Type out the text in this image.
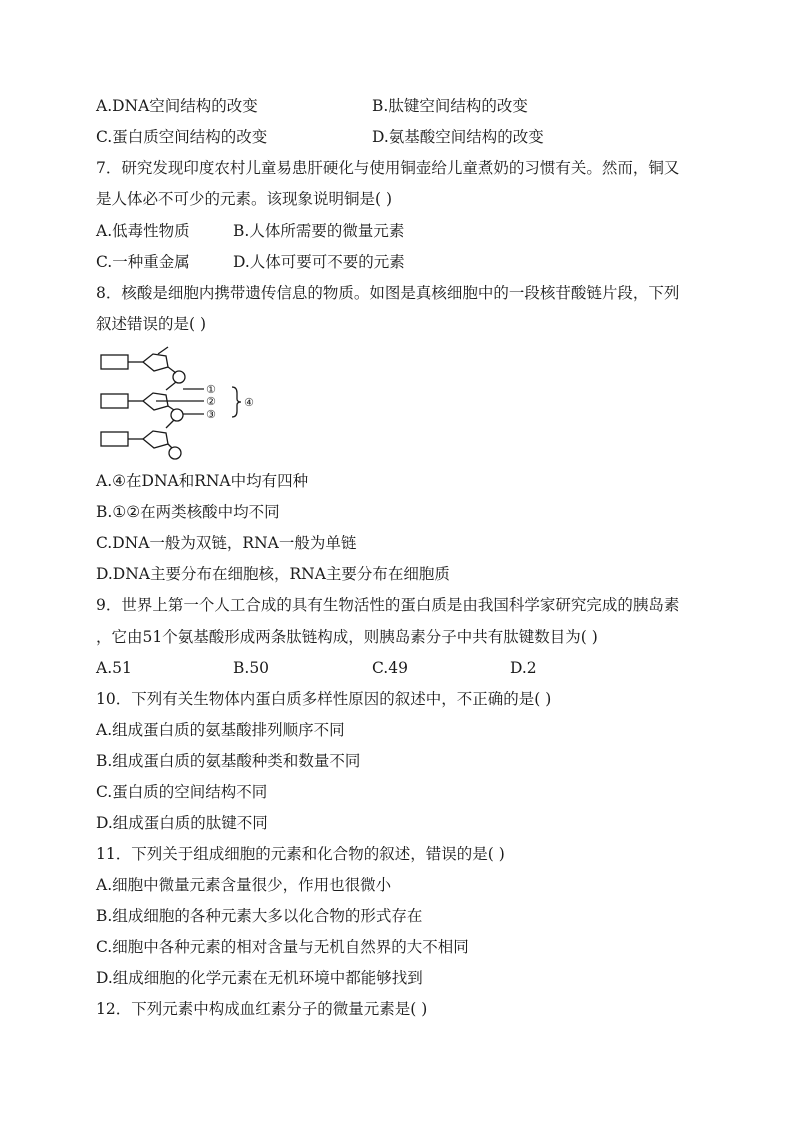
A.DNA空间结构的改变	B.肽键空间结构的改变
C.蛋白质空间结构的改变	D.氨基酸空间结构的改变
7．研究发现印度农村儿童易患肝硬化与使用铜壶给儿童煮奶的习惯有关。然而，铜又
是人体必不可少的元素。该现象说明铜是( )
A.低毒性物质	B.人体所需要的微量元素
C.一种重金属	D.人体可要可不要的元素
8．核酸是细胞内携带遗传信息的物质。如图是真核细胞中的一段核苷酸链片段，下列
叙述错误的是( )
①
②
③
④
A.④在DNA和RNA中均有四种
B.①②在两类核酸中均不同
C.DNA一般为双链，RNA一般为单链
D.DNA主要分布在细胞核，RNA主要分布在细胞质
9．世界上第一个人工合成的具有生物活性的蛋白质是由我国科学家研究完成的胰岛素
，它由51个氨基酸形成两条肽链构成，则胰岛素分子中共有肽键数目为( )
A.51	B.50	C.49	D.2
10．下列有关生物体内蛋白质多样性原因的叙述中，不正确的是( )
A.组成蛋白质的氨基酸排列顺序不同
B.组成蛋白质的氨基酸种类和数量不同
C.蛋白质的空间结构不同
D.组成蛋白质的肽键不同
11．下列关于组成细胞的元素和化合物的叙述，错误的是( )
A.细胞中微量元素含量很少，作用也很微小
B.组成细胞的各种元素大多以化合物的形式存在
C.细胞中各种元素的相对含量与无机自然界的大不相同
D.组成细胞的化学元素在无机环境中都能够找到
12．下列元素中构成血红素分子的微量元素是( )
